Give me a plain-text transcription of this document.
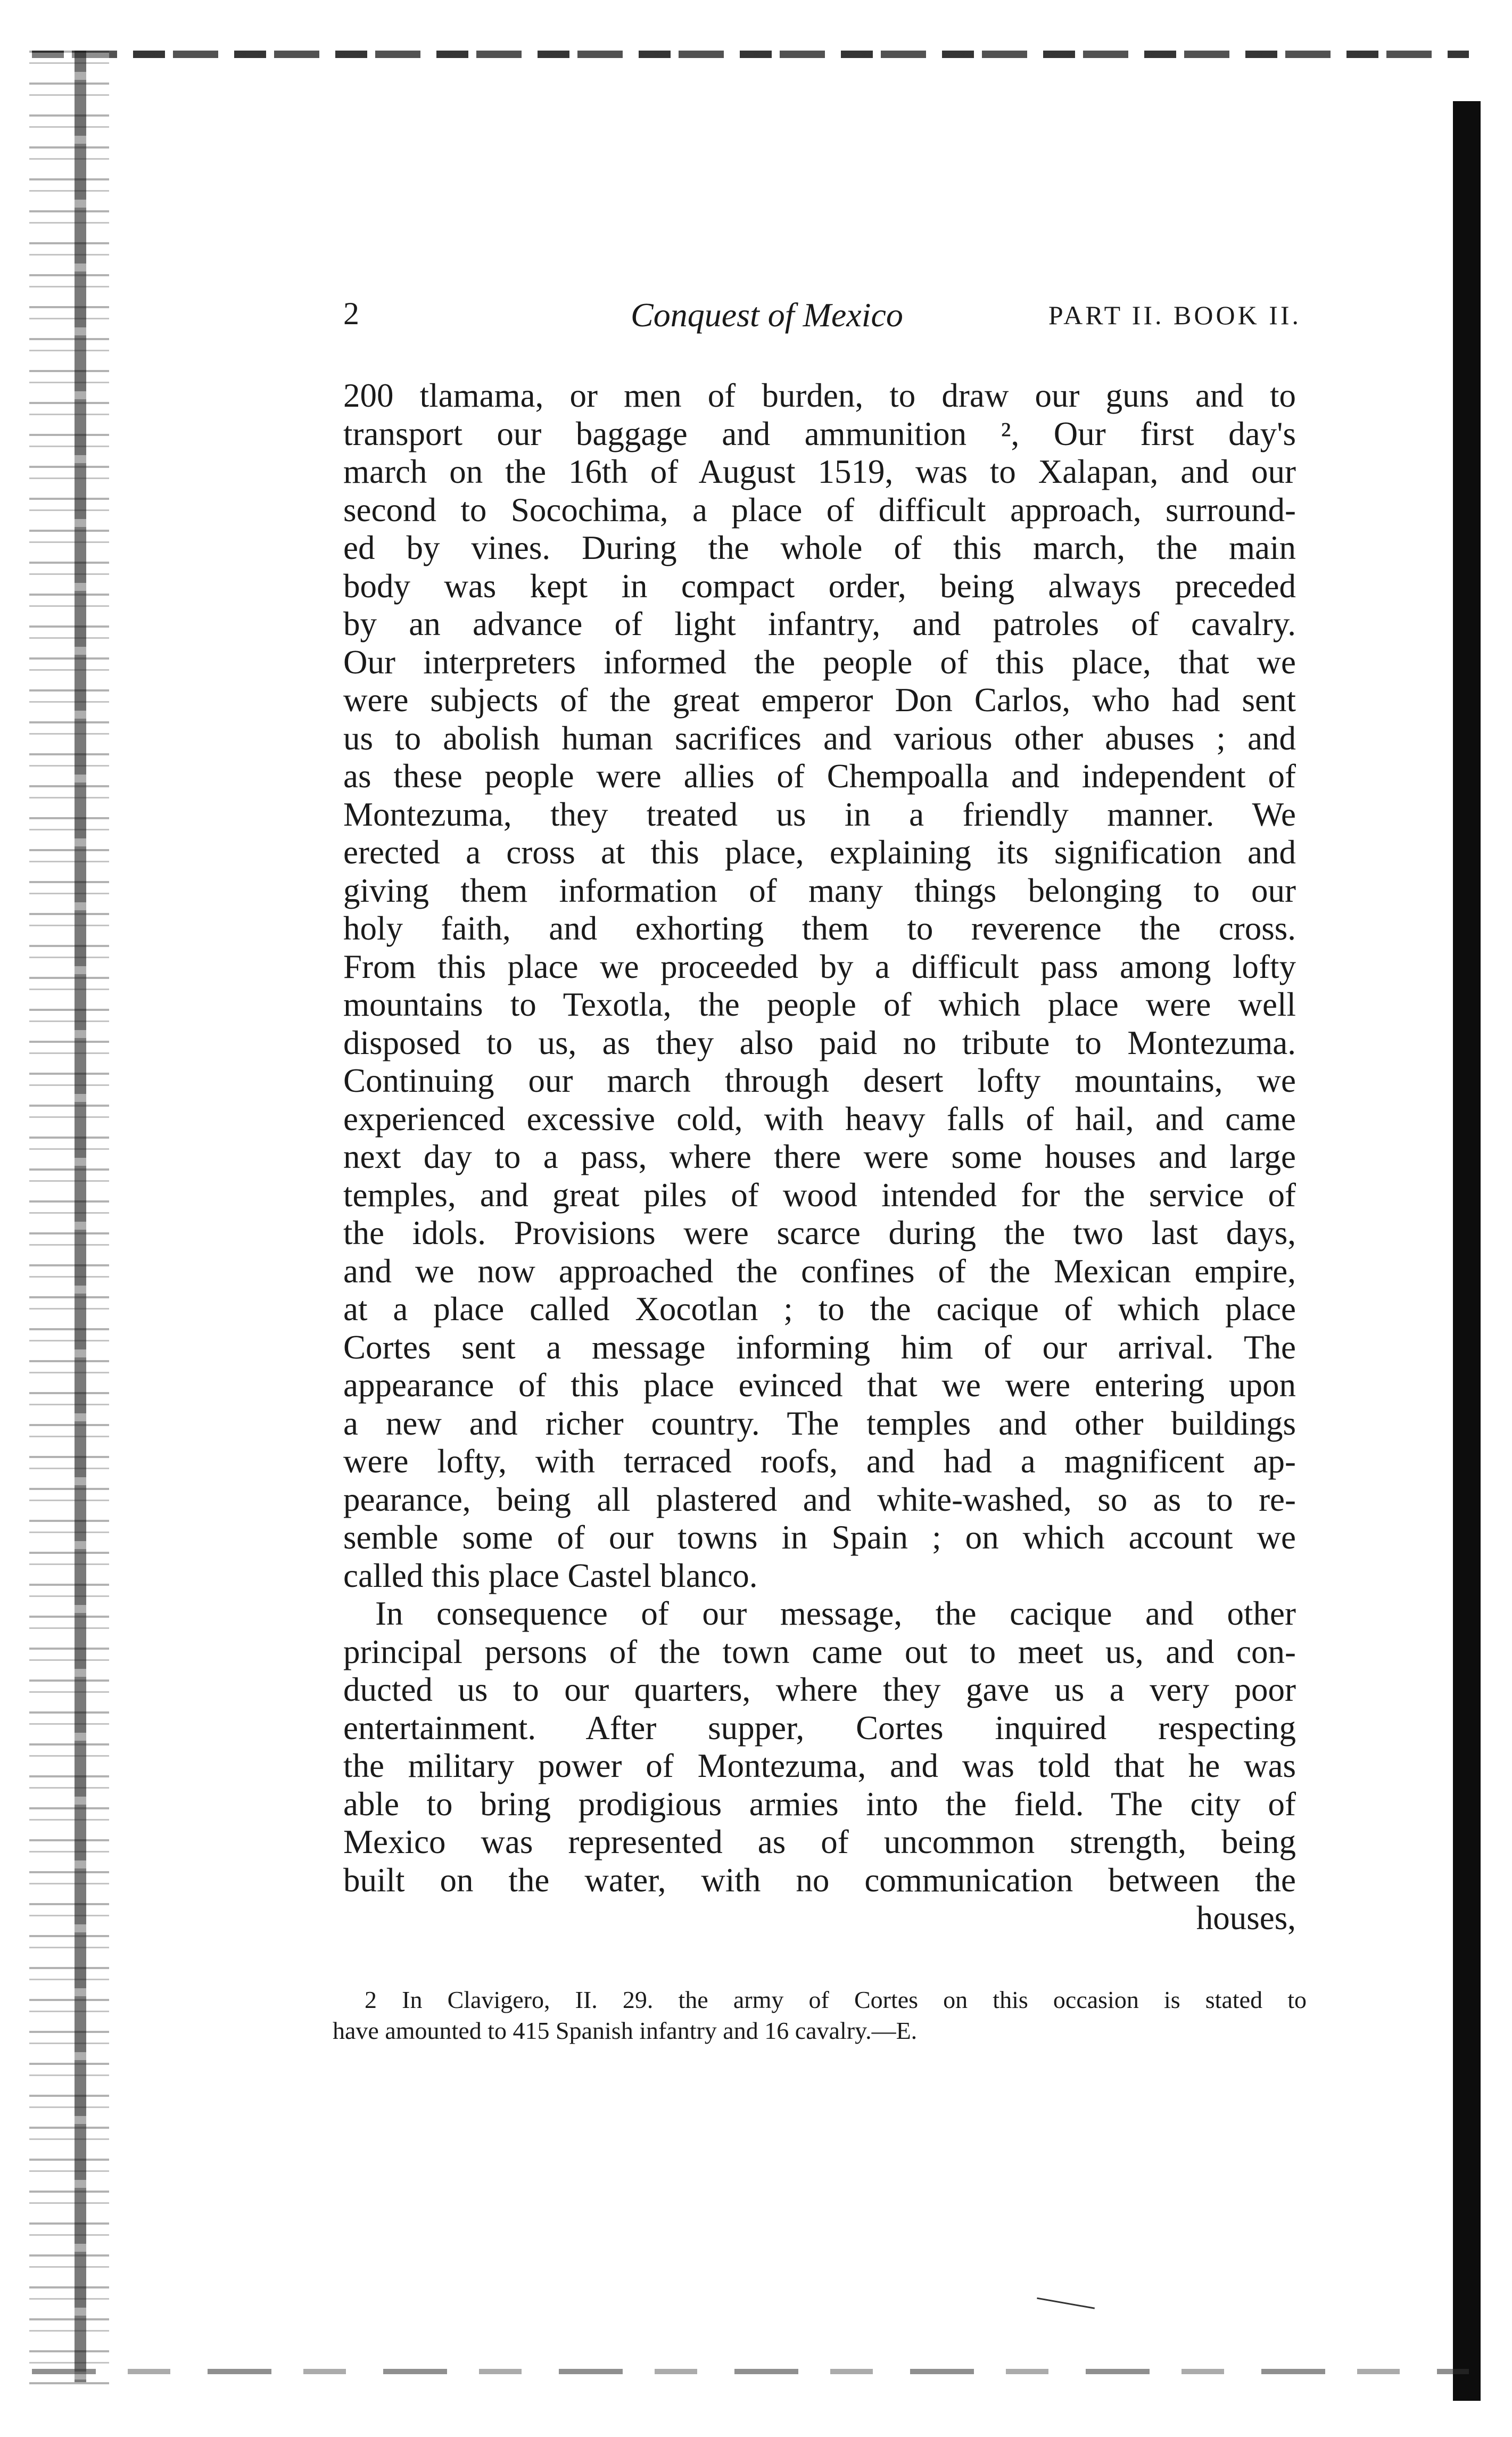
2	Conquest of Mexico	PART II. BOOK II.
200 tlamama, or men of burden, to draw our guns and to
transport our baggage and ammunition ², Our first day's
march on the 16th of August 1519, was to Xalapan, and our
second to Socochima, a place of difficult approach, surround-
ed by vines. During the whole of this march, the main
body was kept in compact order, being always preceded
by an advance of light infantry, and patroles of cavalry.
Our interpreters informed the people of this place, that we
were subjects of the great emperor Don Carlos, who had sent
us to abolish human sacrifices and various other abuses ; and
as these people were allies of Chempoalla and independent of
Montezuma, they treated us in a friendly manner. We
erected a cross at this place, explaining its signification and
giving them information of many things belonging to our
holy faith, and exhorting them to reverence the cross.
From this place we proceeded by a difficult pass among lofty
mountains to Texotla, the people of which place were well
disposed to us, as they also paid no tribute to Montezuma.
Continuing our march through desert lofty mountains, we
experienced excessive cold, with heavy falls of hail, and came
next day to a pass, where there were some houses and large
temples, and great piles of wood intended for the service of
the idols. Provisions were scarce during the two last days,
and we now approached the confines of the Mexican empire,
at a place called Xocotlan ; to the cacique of which place
Cortes sent a message informing him of our arrival. The
appearance of this place evinced that we were entering upon
a new and richer country. The temples and other buildings
were lofty, with terraced roofs, and had a magnificent ap-
pearance, being all plastered and white-washed, so as to re-
semble some of our towns in Spain ; on which account we
called this place Castel blanco.
In consequence of our message, the cacique and other
principal persons of the town came out to meet us, and con-
ducted us to our quarters, where they gave us a very poor
entertainment. After supper, Cortes inquired respecting
the military power of Montezuma, and was told that he was
able to bring prodigious armies into the field. The city of
Mexico was represented as of uncommon strength, being
built on the water, with no communication between the
houses,
2 In Clavigero, II. 29. the army of Cortes on this occasion is stated to
have amounted to 415 Spanish infantry and 16 cavalry.—E.
